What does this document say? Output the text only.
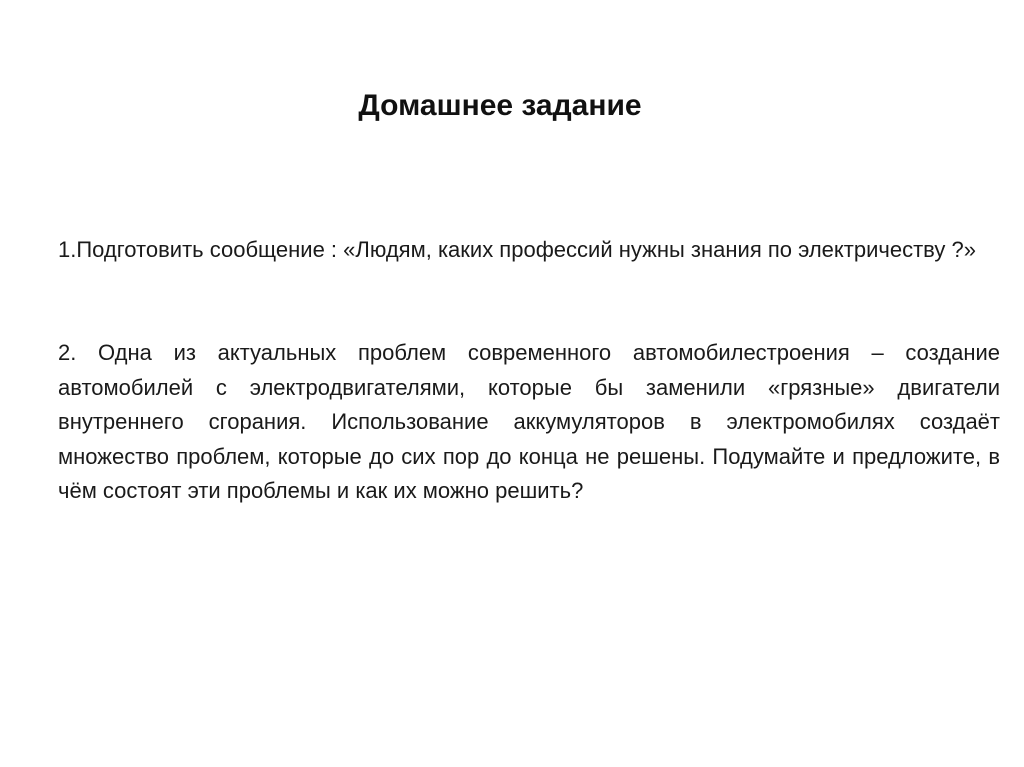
Домашнее задание

1.Подготовить сообщение : «Людям, каких профессий нужны знания по электричеству ?»

2. Одна из актуальных проблем современного автомобилестроения – создание автомобилей с электродвигателями, которые бы заменили «грязные» двигатели внутреннего сгорания. Использование аккумуляторов в электромобилях создаёт множество проблем, которые до сих пор до конца не решены. Подумайте и предложите, в чём состоят эти проблемы и как их можно решить?
